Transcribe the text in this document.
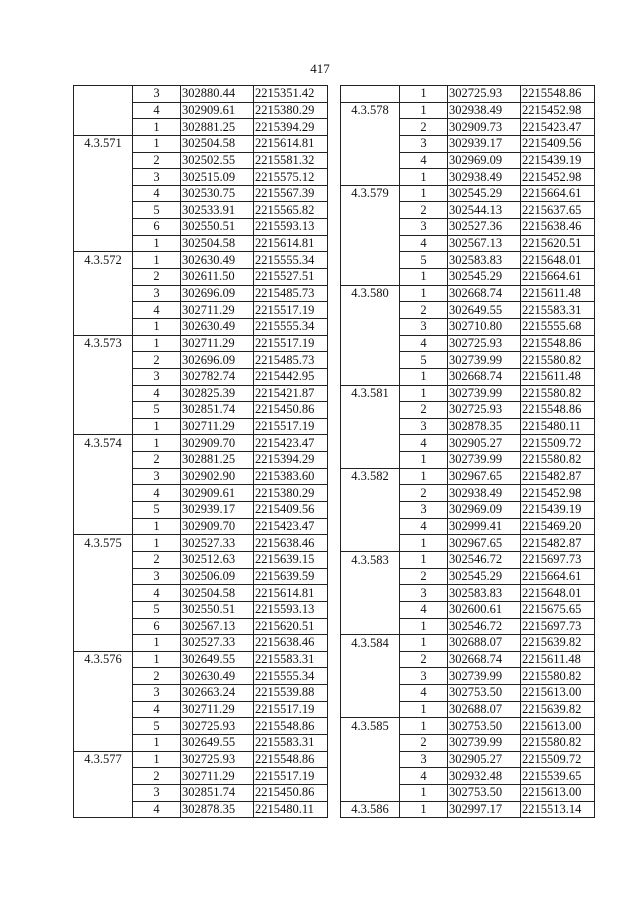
417
	3	302880.44	2215351.42
	4	302909.61	2215380.29
	1	302881.25	2215394.29
4.3.571	1	302504.58	2215614.81
	2	302502.55	2215581.32
	3	302515.09	2215575.12
	4	302530.75	2215567.39
	5	302533.91	2215565.82
	6	302550.51	2215593.13
	1	302504.58	2215614.81
4.3.572	1	302630.49	2215555.34
	2	302611.50	2215527.51
	3	302696.09	2215485.73
	4	302711.29	2215517.19
	1	302630.49	2215555.34
4.3.573	1	302711.29	2215517.19
	2	302696.09	2215485.73
	3	302782.74	2215442.95
	4	302825.39	2215421.87
	5	302851.74	2215450.86
	1	302711.29	2215517.19
4.3.574	1	302909.70	2215423.47
	2	302881.25	2215394.29
	3	302902.90	2215383.60
	4	302909.61	2215380.29
	5	302939.17	2215409.56
	1	302909.70	2215423.47
4.3.575	1	302527.33	2215638.46
	2	302512.63	2215639.15
	3	302506.09	2215639.59
	4	302504.58	2215614.81
	5	302550.51	2215593.13
	6	302567.13	2215620.51
	1	302527.33	2215638.46
4.3.576	1	302649.55	2215583.31
	2	302630.49	2215555.34
	3	302663.24	2215539.88
	4	302711.29	2215517.19
	5	302725.93	2215548.86
	1	302649.55	2215583.31
4.3.577	1	302725.93	2215548.86
	2	302711.29	2215517.19
	3	302851.74	2215450.86
	4	302878.35	2215480.11
	1	302725.93	2215548.86
4.3.578	1	302938.49	2215452.98
	2	302909.73	2215423.47
	3	302939.17	2215409.56
	4	302969.09	2215439.19
	1	302938.49	2215452.98
4.3.579	1	302545.29	2215664.61
	2	302544.13	2215637.65
	3	302527.36	2215638.46
	4	302567.13	2215620.51
	5	302583.83	2215648.01
	1	302545.29	2215664.61
4.3.580	1	302668.74	2215611.48
	2	302649.55	2215583.31
	3	302710.80	2215555.68
	4	302725.93	2215548.86
	5	302739.99	2215580.82
	1	302668.74	2215611.48
4.3.581	1	302739.99	2215580.82
	2	302725.93	2215548.86
	3	302878.35	2215480.11
	4	302905.27	2215509.72
	1	302739.99	2215580.82
4.3.582	1	302967.65	2215482.87
	2	302938.49	2215452.98
	3	302969.09	2215439.19
	4	302999.41	2215469.20
	1	302967.65	2215482.87
4.3.583	1	302546.72	2215697.73
	2	302545.29	2215664.61
	3	302583.83	2215648.01
	4	302600.61	2215675.65
	1	302546.72	2215697.73
4.3.584	1	302688.07	2215639.82
	2	302668.74	2215611.48
	3	302739.99	2215580.82
	4	302753.50	2215613.00
	1	302688.07	2215639.82
4.3.585	1	302753.50	2215613.00
	2	302739.99	2215580.82
	3	302905.27	2215509.72
	4	302932.48	2215539.65
	1	302753.50	2215613.00
4.3.586	1	302997.17	2215513.14
